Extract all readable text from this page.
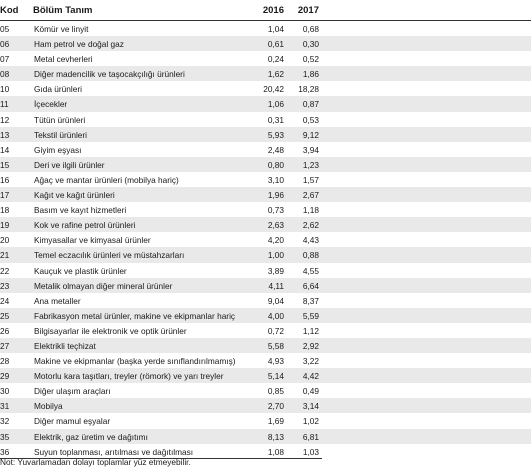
Kod Bölüm Tanım	2016 2017
05	Kömür ve linyit	1,04 0,68
06	Ham petrol ve doğal gaz	0,61 0,30
07	Metal cevherleri	0,24 0,52
08	Diğer madencilik ve taşocakçılığı ürünleri	1,62 1,86
10	Gıda ürünleri	20,42 18,28
11	İçecekler	1,06 0,87
12	Tütün ürünleri	0,31 0,53
13	Tekstil ürünleri	5,93 9,12
14	Giyim eşyası	2,48 3,94
15	Deri ve ilgili ürünler	0,80 1,23
16	Ağaç ve mantar ürünleri (mobilya hariç)	3,10 1,57
17	Kağıt ve kağıt ürünleri	1,96 2,67
18	Basım ve kayıt hizmetleri	0,73 1,18
19	Kok ve rafine petrol ürünleri	2,63 2,62
20	Kimyasallar ve kimyasal ürünler	4,20 4,43
21	Temel eczacılık ürünleri ve müstahzarları	1,00 0,88
22	Kauçuk ve plastik ürünler	3,89 4,55
23	Metalik olmayan diğer mineral ürünler	4,11 6,64
24	Ana metaller	9,04 8,37
25	Fabrikasyon metal ürünler, makine ve ekipmanlar hariç	4,00 5,59
26	Bilgisayarlar ile elektronik ve optik ürünler	0,72 1,12
27	Elektrikli teçhizat	5,58 2,92
28	Makine ve ekipmanlar (başka yerde sınıflandırılmamış)	4,93 3,22
29	Motorlu kara taşıtları, treyler (römork) ve yarı treyler	5,14 4,42
30	Diğer ulaşım araçları	0,85 0,49
31	Mobilya	2,70 3,14
32	Diğer mamul eşyalar	1,69 1,02
35	Elektrik, gaz üretim ve dağıtımı	8,13 6,81
36	Suyun toplanması, arıtılması ve dağıtılması	1,08 1,03
Not: Yuvarlamadan dolayı toplamlar yüz etmeyebilir.
